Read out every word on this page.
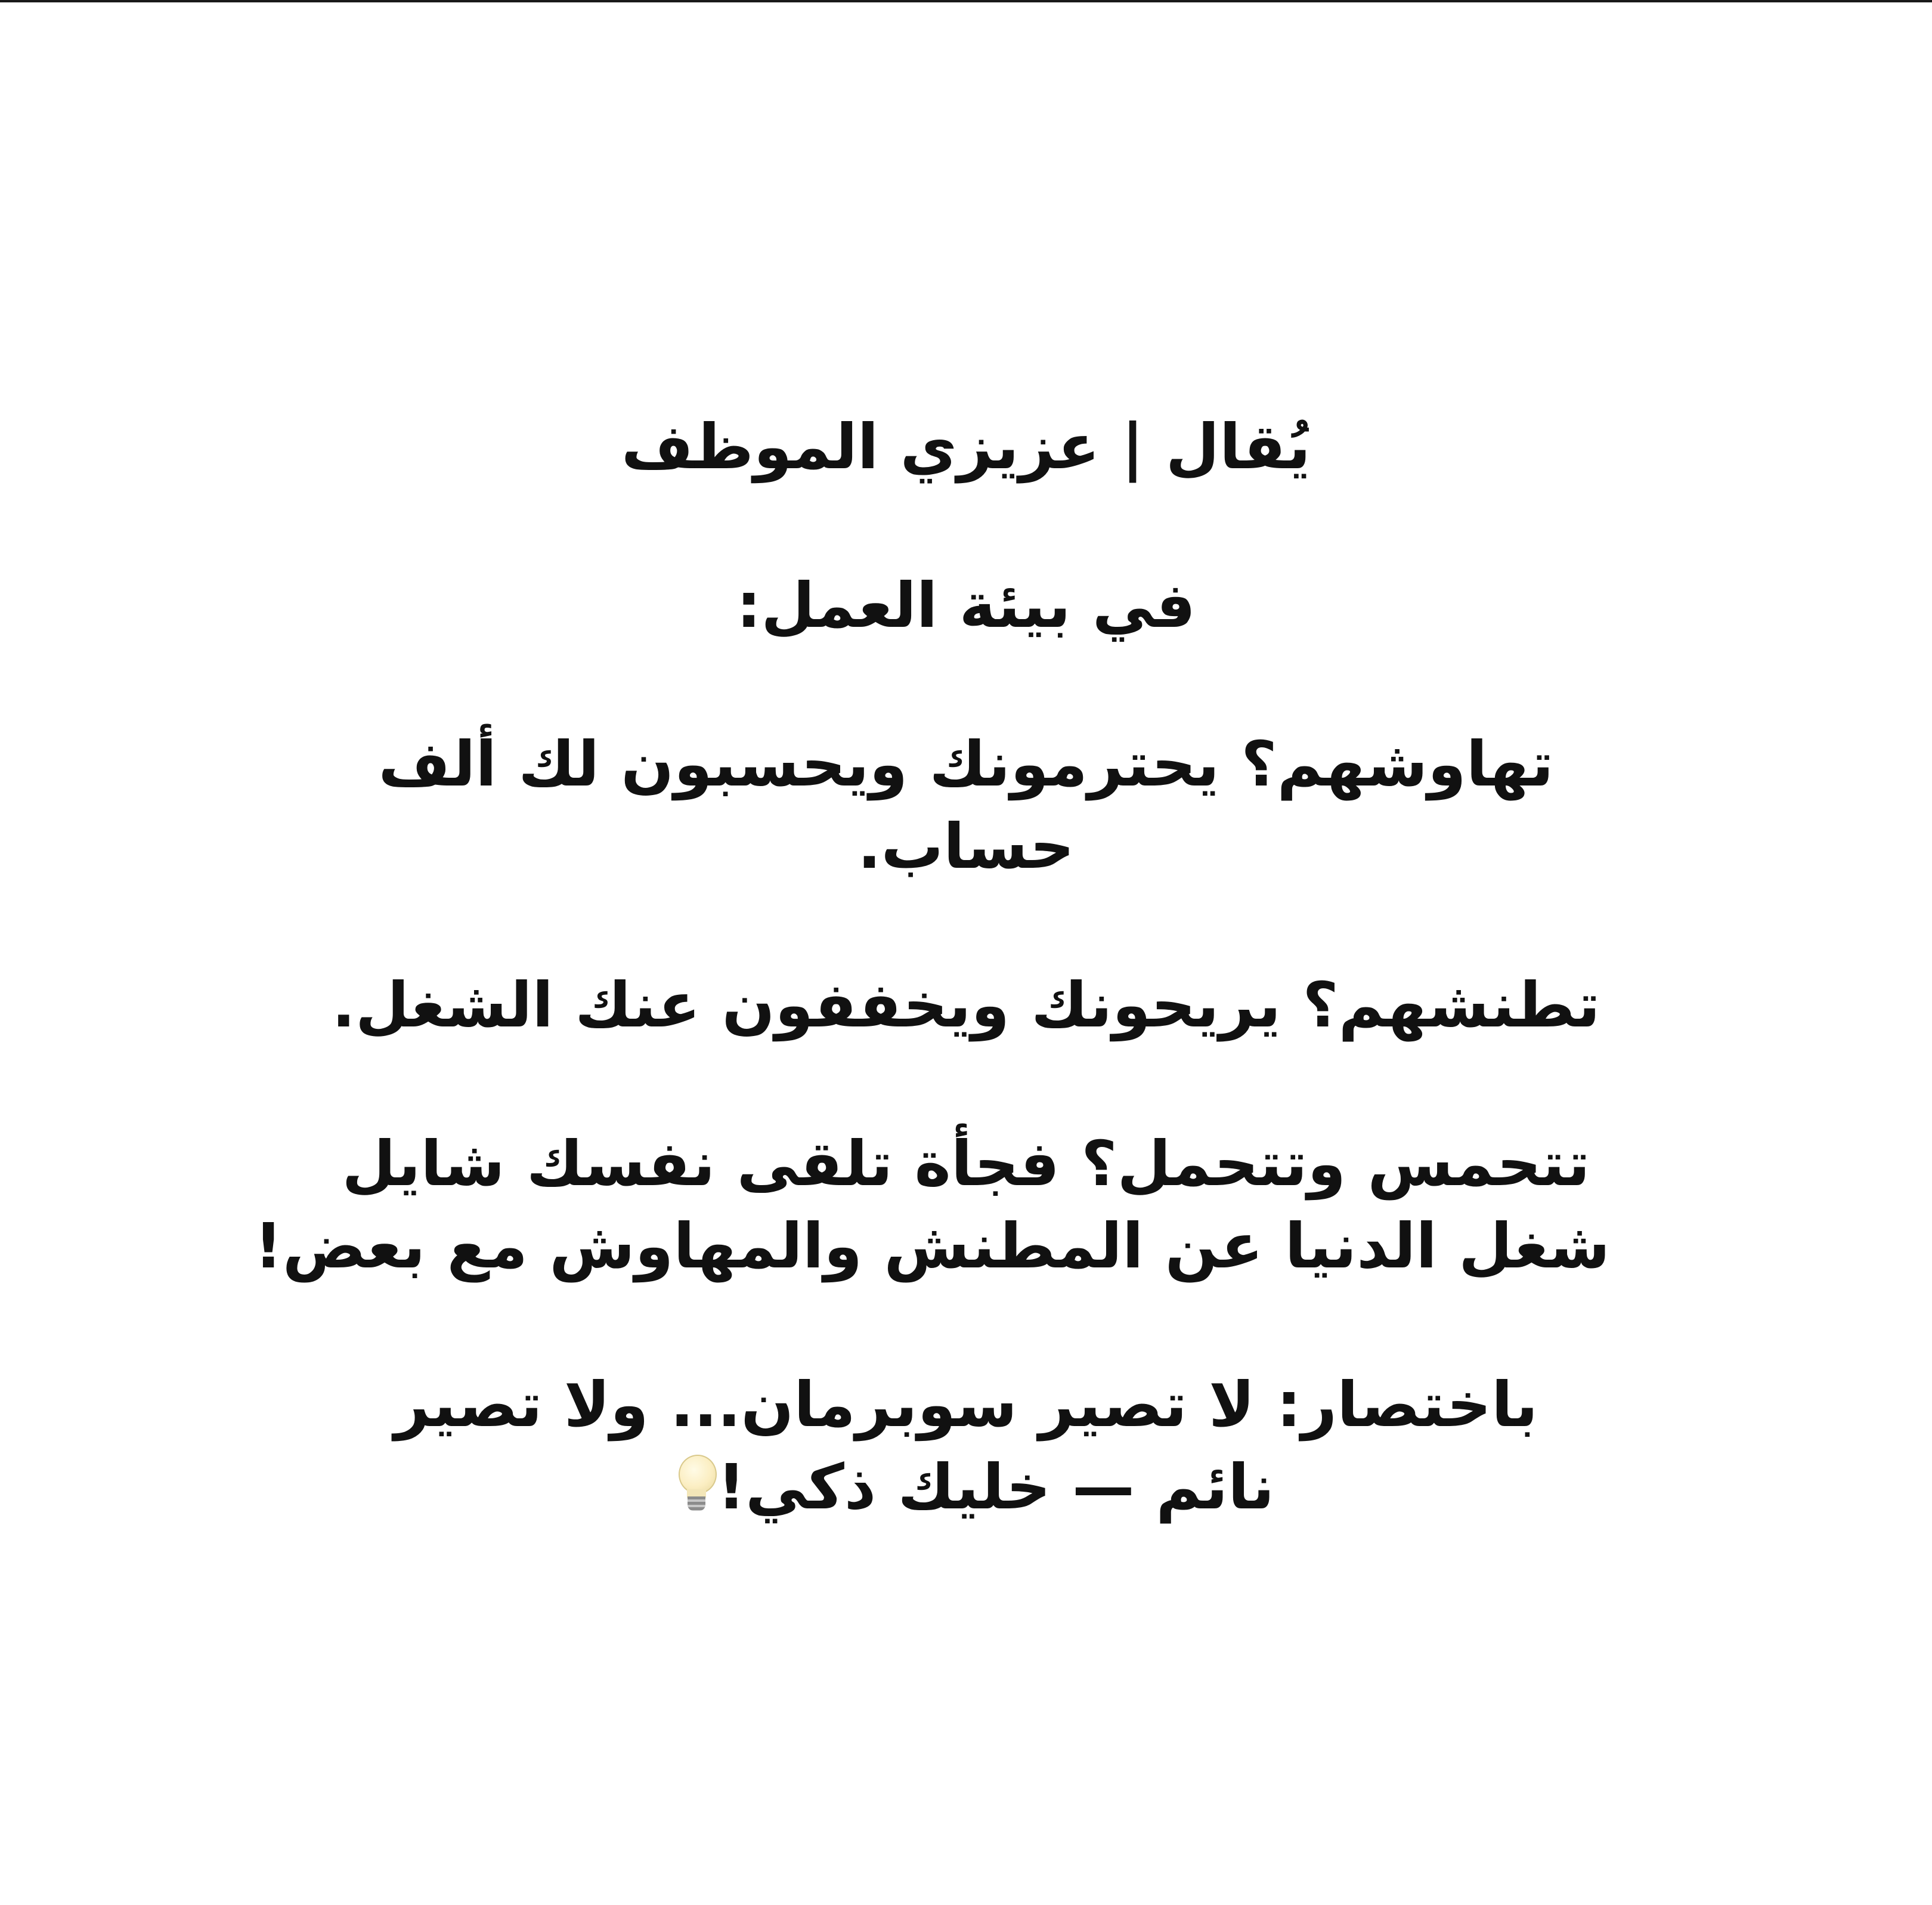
يُقال | عزيزي الموظف

في بيئة العمل:

تهاوشهم؟ يحترمونك ويحسبون لك ألف

حساب.

تطنشهم؟ يريحونك ويخففون عنك الشغل.

تتحمس وتتحمل؟ فجأة تلقى نفسك شايل

شغل الدنيا عن المطنش والمهاوش مع بعض!

باختصار: لا تصير سوبرمان... ولا تصير

نائم — خليك ذكي!
